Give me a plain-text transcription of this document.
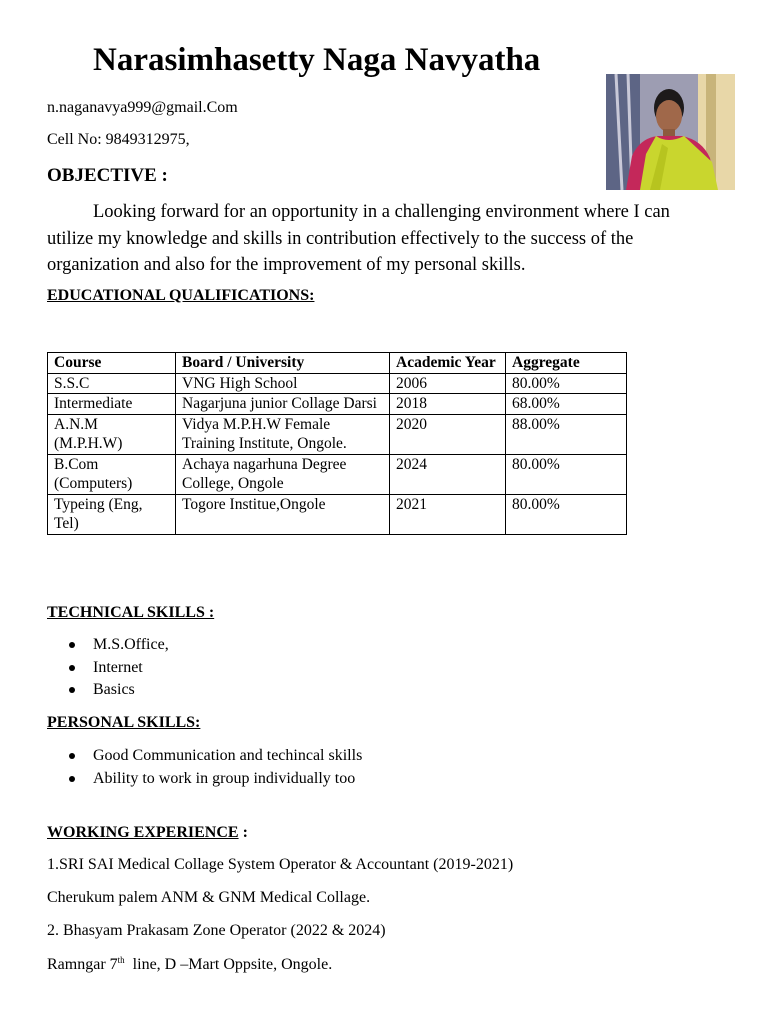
Narasimhasetty Naga Navyatha
n.naganavya999@gmail.Com
Cell No: 9849312975,
OBJECTIVE :
Looking forward for an opportunity in a challenging environment where I can utilize my knowledge and skills in contribution effectively to the success of the organization and also for the improvement of my personal skills.
EDUCATIONAL QUALIFICATIONS:
Course	Board / University	Academic Year	Aggregate
S.S.C	VNG High School	2006	80.00%
Intermediate	Nagarjuna junior Collage Darsi	2018	68.00%
A.N.M (M.P.H.W)	Vidya M.P.H.W Female Training Institute, Ongole.	2020	88.00%
B.Com (Computers)	Achaya nagarhuna Degree College, Ongole	2024	80.00%
Typeing (Eng, Tel)	Togore Institue,Ongole	2021	80.00%
TECHNICAL SKILLS :
M.S.Office,
Internet
Basics
PERSONAL SKILLS:
Good Communication and techincal skills
Ability to work in group individually too
WORKING EXPERIENCE :
1.SRI SAI Medical Collage System Operator & Accountant (2019-2021)
Cherukum palem ANM & GNM Medical Collage.
2. Bhasyam Prakasam Zone Operator (2022 & 2024)
Ramngar 7th  line, D –Mart Oppsite, Ongole.
